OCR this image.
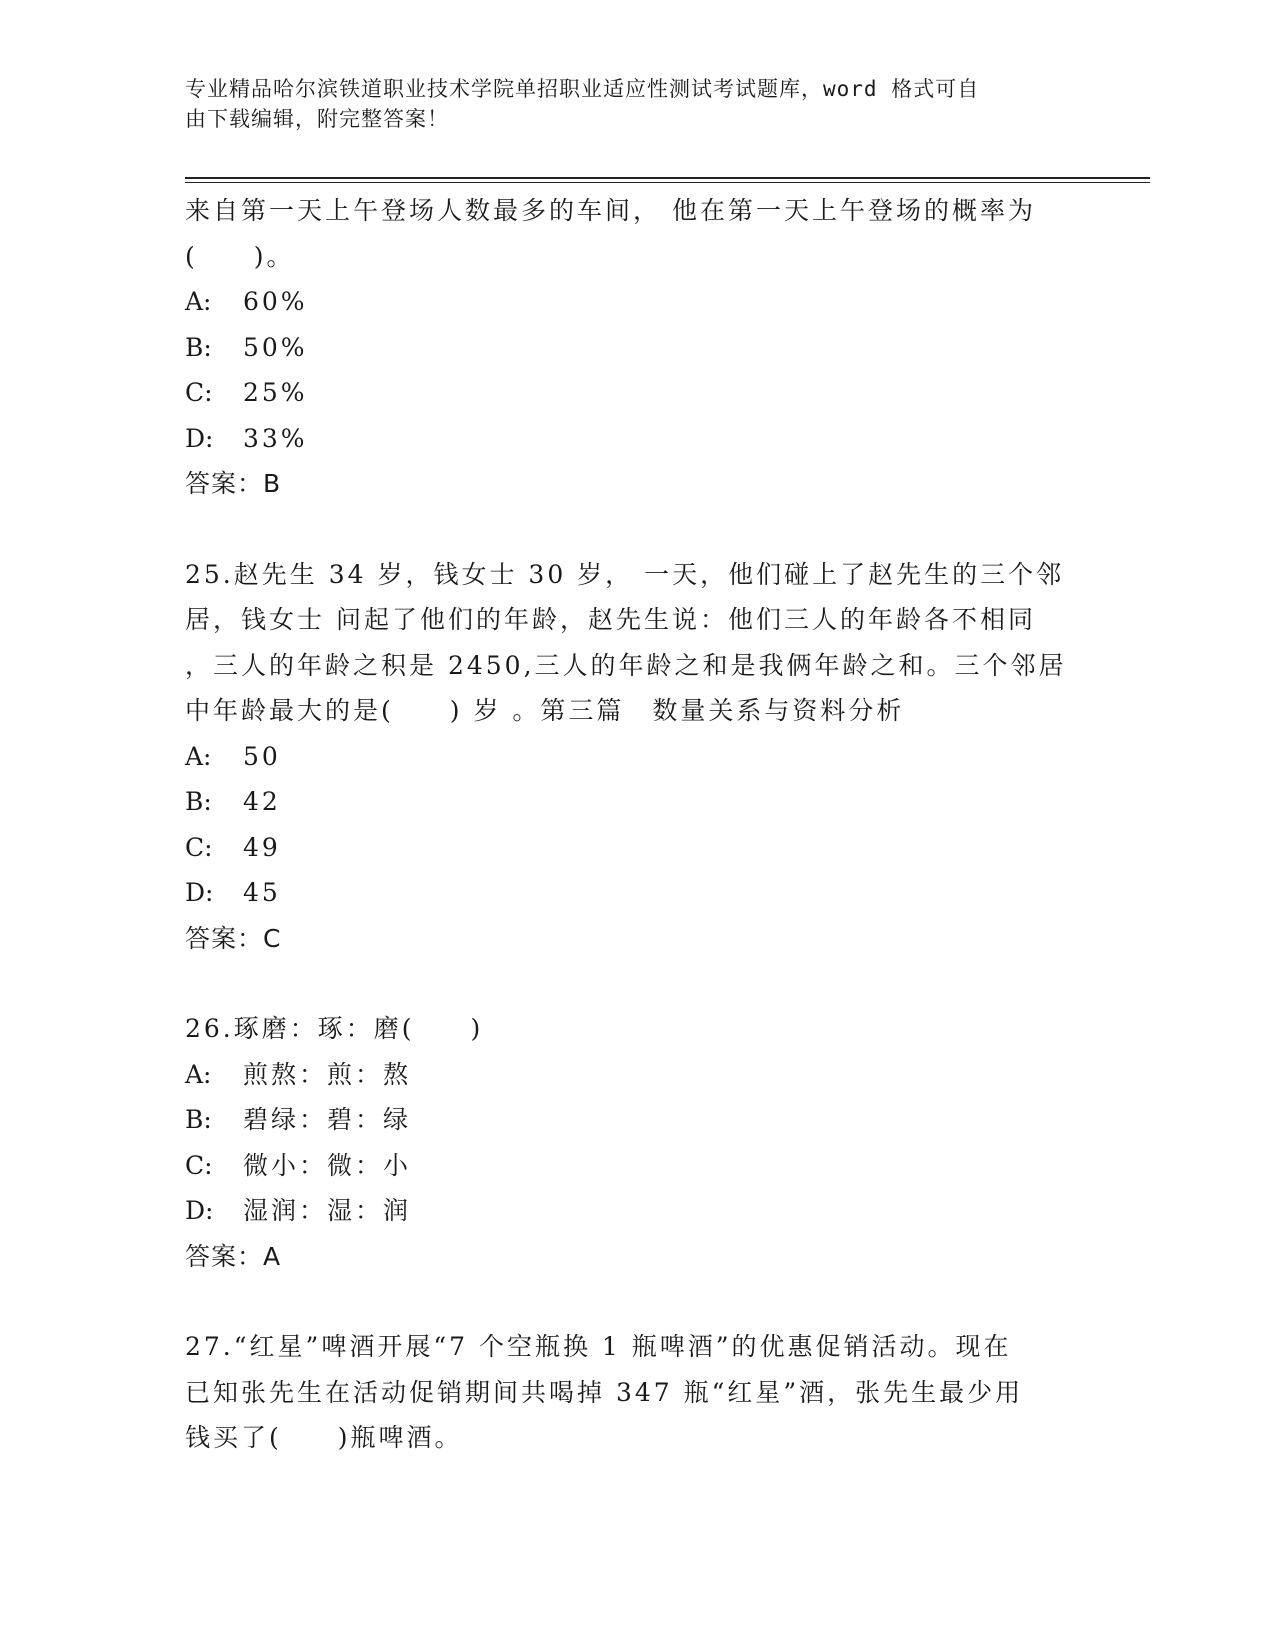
专业精品哈尔滨铁道职业技术学院单招职业适应性测试考试题库，word 格式可自
由下载编辑，附完整答案！
来自第一天上午登场人数最多的车间， 他在第一天上午登场的概率为
(　　)。
A: 60%
B: 50%
C: 25%
D: 33%
答案：B
25.赵先生 34 岁，钱女士 30 岁， 一天，他们碰上了赵先生的三个邻
居，钱女士 问起了他们的年龄，赵先生说：他们三人的年龄各不相同
，三人的年龄之积是 2450,三人的年龄之和是我俩年龄之和。三个邻居
中年龄最大的是(　　) 岁 。第三篇　数量关系与资料分析
A: 50
B: 42
C: 49
D: 45
答案：C
26.琢磨：琢：磨(　　)
A: 煎熬：煎：熬
B: 碧绿：碧：绿
C: 微小：微：小
D: 湿润：湿：润
答案：A
27.“红星”啤酒开展“7 个空瓶换 1 瓶啤酒”的优惠促销活动。现在
已知张先生在活动促销期间共喝掉 347 瓶“红星”酒，张先生最少用
钱买了(　　)瓶啤酒。
